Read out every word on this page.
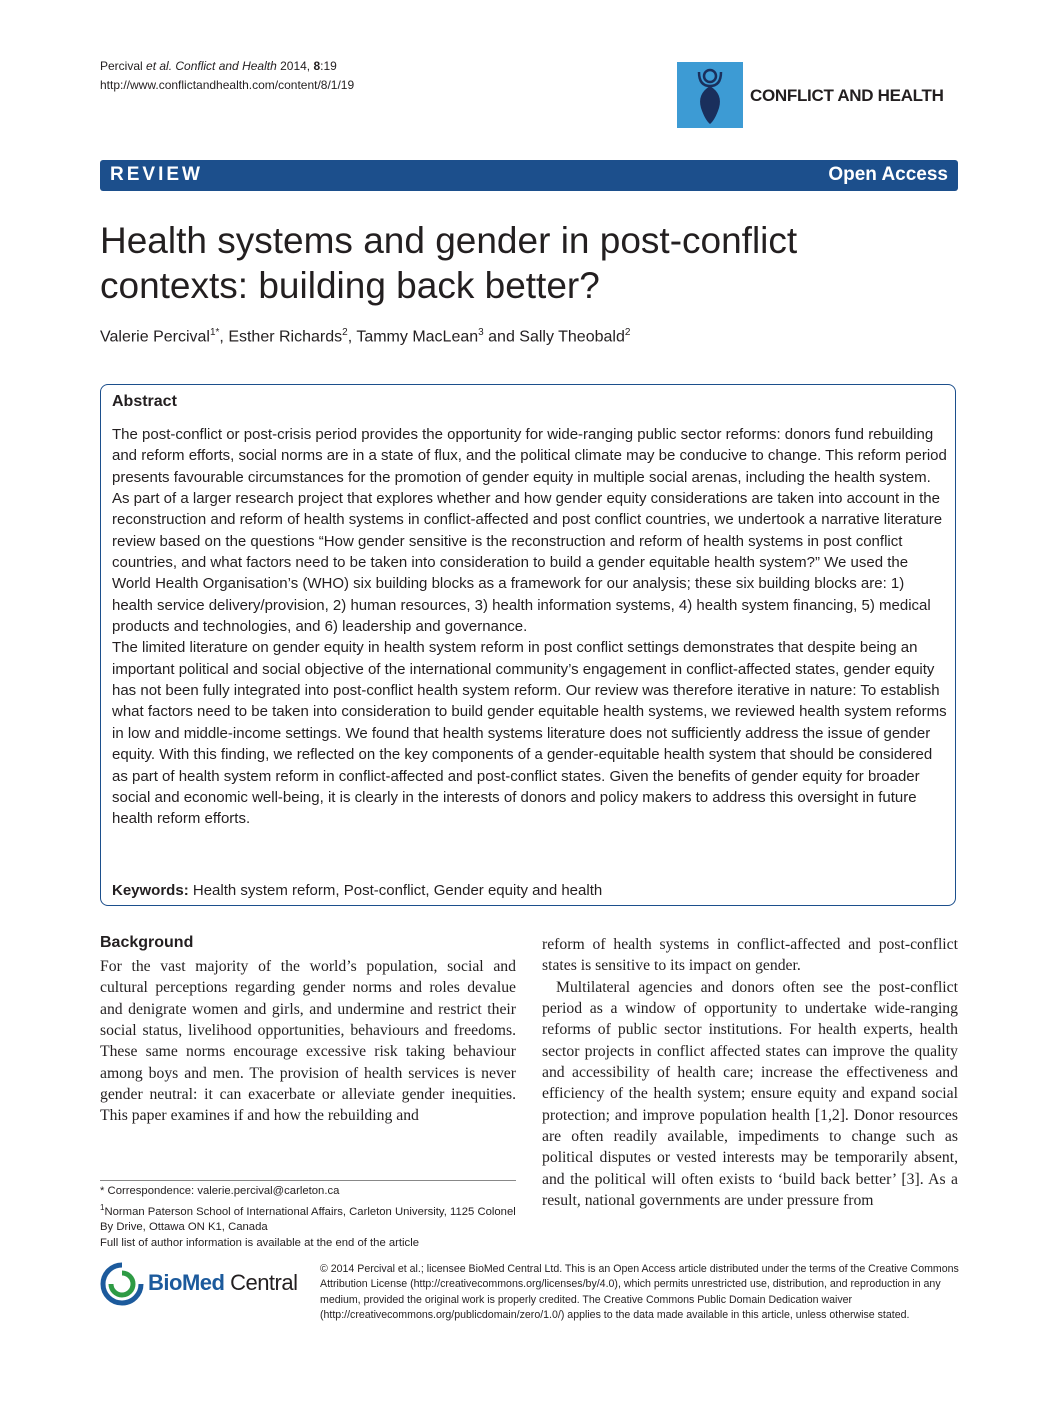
Percival et al. Conflict and Health 2014, 8:19
http://www.conflictandhealth.com/content/8/1/19
CONFLICT AND HEALTH
REVIEW	Open Access
Health systems and gender in post-conflict
contexts: building back better?
Valerie Percival$^{1*}$, Esther Richards$^2$, Tammy MacLean$^3$ and Sally Theobald$^2$
Abstract

The post-conflict or post-crisis period provides the opportunity for wide-ranging public sector reforms: donors fund rebuilding and reform efforts, social norms are in a state of flux, and the political climate may be conducive to change. This reform period presents favourable circumstances for the promotion of gender equity in multiple social arenas, including the health system. As part of a larger research project that explores whether and how gender equity considerations are taken into account in the reconstruction and reform of health systems in conflict-affected and post conflict countries, we undertook a narrative literature review based on the questions “How gender sensitive is the reconstruction and reform of health systems in post conflict countries, and what factors need to be taken into consideration to build a gender equitable health system?” We used the World Health Organisation’s (WHO) six building blocks as a framework for our analysis; these six building blocks are: 1) health service delivery/provision, 2) human resources, 3) health information systems, 4) health system financing, 5) medical products and technologies, and 6) leadership and governance.

The limited literature on gender equity in health system reform in post conflict settings demonstrates that despite being an important political and social objective of the international community’s engagement in conflict-affected states, gender equity has not been fully integrated into post-conflict health system reform. Our review was therefore iterative in nature: To establish what factors need to be taken into consideration to build gender equitable health systems, we reviewed health system reforms in low and middle-income settings. We found that health systems literature does not sufficiently address the issue of gender equity. With this finding, we reflected on the key components of a gender-equitable health system that should be considered as part of health system reform in conflict-affected and post-conflict states. Given the benefits of gender equity for broader social and economic well-being, it is clearly in the interests of donors and policy makers to address this oversight in future health reform efforts.

Keywords: Health system reform, Post-conflict, Gender equity and health
Background

For the vast majority of the world’s population, social and cultural perceptions regarding gender norms and roles devalue and denigrate women and girls, and undermine and restrict their social status, livelihood opportunities, behaviours and freedoms. These same norms encourage excessive risk taking behaviour among boys and men. The provision of health services is never gender neutral: it can exacerbate or alleviate gender inequities. This paper examines if and how the rebuilding and

reform of health systems in conflict-affected and post-conflict states is sensitive to its impact on gender.

Multilateral agencies and donors often see the post-conflict period as a window of opportunity to undertake wide-ranging reforms of public sector institutions. For health experts, health sector projects in conflict affected states can improve the quality and accessibility of health care; increase the effectiveness and efficiency of the health system; ensure equity and expand social protection; and improve population health [1,2]. Donor resources are often readily available, impediments to change such as political disputes or vested interests may be temporarily absent, and the political will often exists to ‘build back better’ [3]. As a result, national governments are under pressure from

* Correspondence: valerie.percival@carleton.ca

$^1$Norman Paterson School of International Affairs, Carleton University, 1125 Colonel By Drive, Ottawa ON K1, Canada

Full list of author information is available at the end of the article

BioMed Central
© 2014 Percival et al.; licensee BioMed Central Ltd. This is an Open Access article distributed under the terms of the Creative Commons Attribution License (http://creativecommons.org/licenses/by/4.0), which permits unrestricted use, distribution, and reproduction in any medium, provided the original work is properly credited. The Creative Commons Public Domain Dedication waiver (http://creativecommons.org/publicdomain/zero/1.0/) applies to the data made available in this article, unless otherwise stated.
